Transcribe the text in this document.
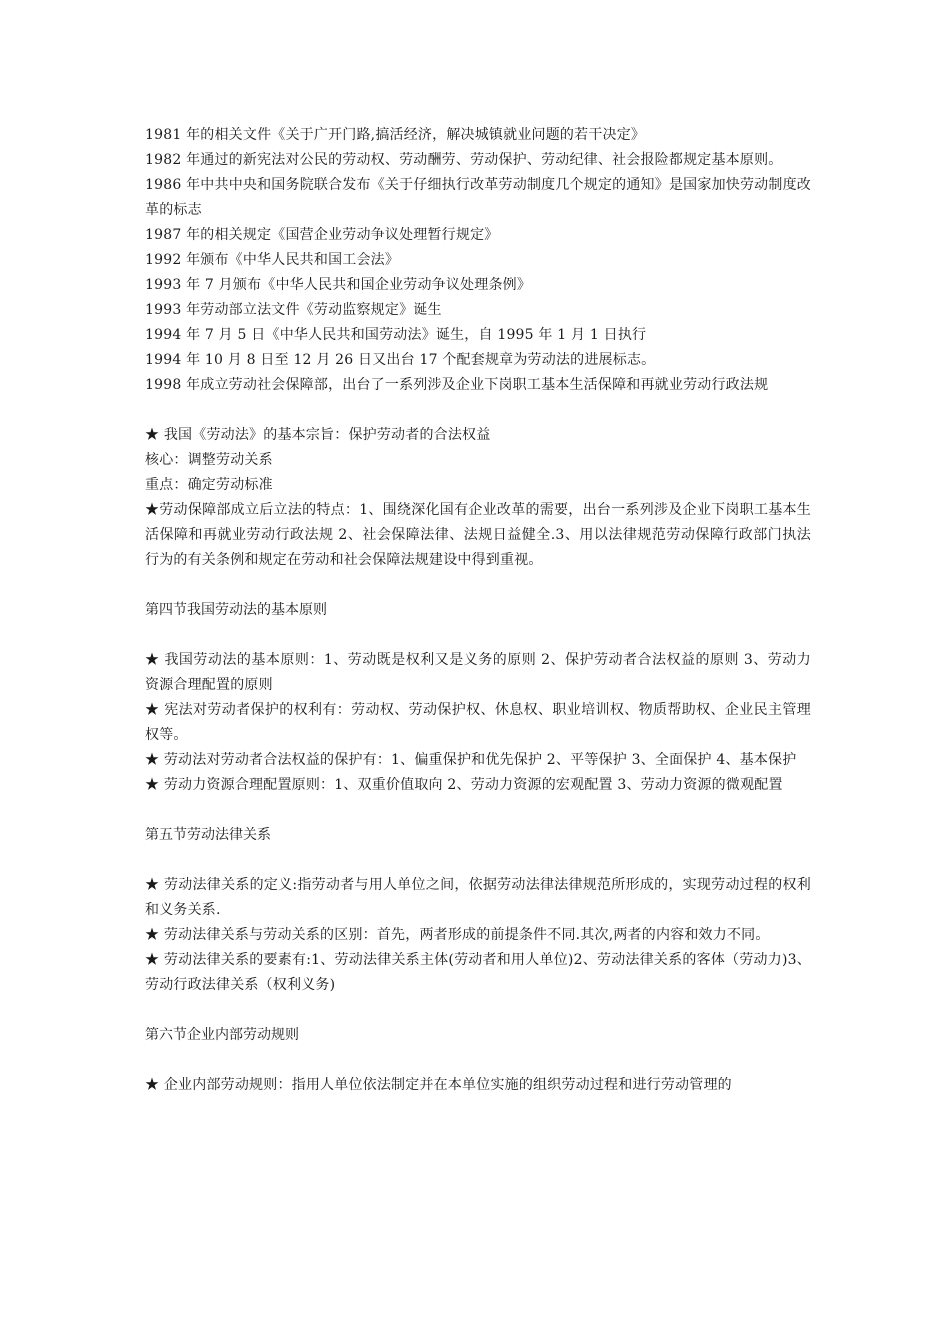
1981 年的相关文件《关于广开门路,搞活经济，解决城镇就业问题的若干决定》

1982 年通过的新宪法对公民的劳动权、劳动酬劳、劳动保护、劳动纪律、社会报险都规定基本原则。

1986 年中共中央和国务院联合发布《关于仔细执行改革劳动制度几个规定的通知》是国家加快劳动制度改革的标志

1987 年的相关规定《国营企业劳动争议处理暂行规定》

1992 年颁布《中华人民共和国工会法》

1993 年 7 月颁布《中华人民共和国企业劳动争议处理条例》

1993 年劳动部立法文件《劳动监察规定》诞生

1994 年 7 月 5 日《中华人民共和国劳动法》诞生，自 1995 年 1 月 1 日执行

1994 年 10 月 8 日至 12 月 26 日又出台 17 个配套规章为劳动法的进展标志。

1998 年成立劳动社会保障部，出台了一系列涉及企业下岗职工基本生活保障和再就业劳动行政法规

★ 我国《劳动法》的基本宗旨：保护劳动者的合法权益

核心：调整劳动关系

重点：确定劳动标准

★劳动保障部成立后立法的特点：1、围绕深化国有企业改革的需要，出台一系列涉及企业下岗职工基本生活保障和再就业劳动行政法规 2、社会保障法律、法规日益健全.3、用以法律规范劳动保障行政部门执法行为的有关条例和规定在劳动和社会保障法规建设中得到重视。

第四节我国劳动法的基本原则

★ 我国劳动法的基本原则：1、劳动既是权利又是义务的原则 2、保护劳动者合法权益的原则 3、劳动力资源合理配置的原则

★ 宪法对劳动者保护的权利有：劳动权、劳动保护权、休息权、职业培训权、物质帮助权、企业民主管理权等。

★ 劳动法对劳动者合法权益的保护有：1、偏重保护和优先保护 2、平等保护 3、全面保护 4、基本保护

★ 劳动力资源合理配置原则：1、双重价值取向 2、劳动力资源的宏观配置 3、劳动力资源的微观配置

第五节劳动法律关系

★ 劳动法律关系的定义:指劳动者与用人单位之间，依据劳动法律法律规范所形成的，实现劳动过程的权利和义务关系.

★ 劳动法律关系与劳动关系的区别：首先，两者形成的前提条件不同.其次,两者的内容和效力不同。

★ 劳动法律关系的要素有:1、劳动法律关系主体(劳动者和用人单位)2、劳动法律关系的客体（劳动力)3、劳动行政法律关系（权利义务)

第六节企业内部劳动规则

★ 企业内部劳动规则：指用人单位依法制定并在本单位实施的组织劳动过程和进行劳动管理的
